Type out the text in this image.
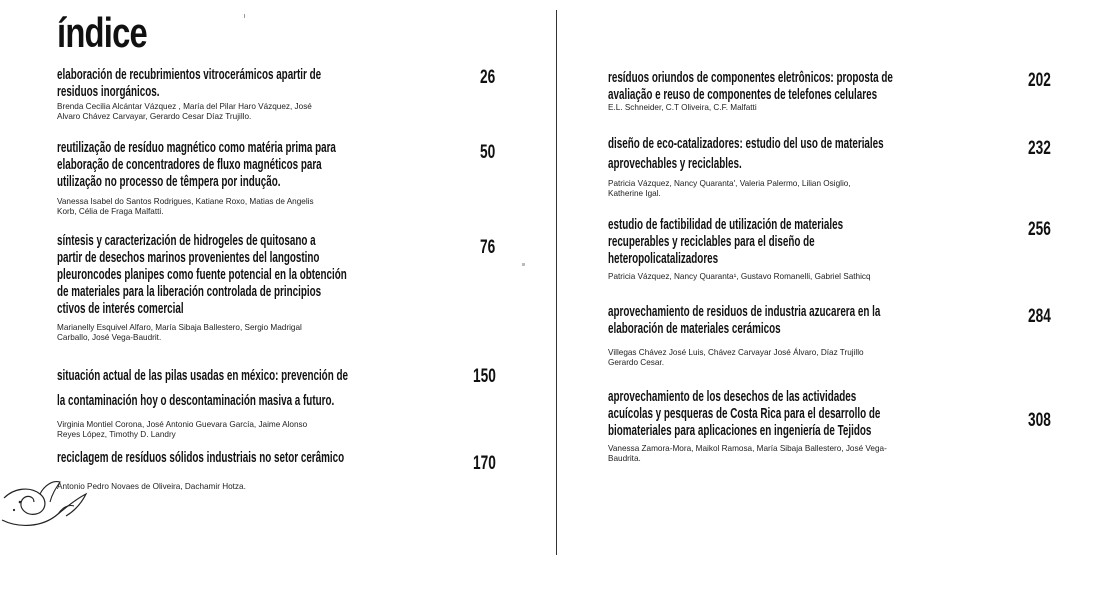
índice
elaboración de recubrimientos vitrocerámicos apartir de
residuos inorgánicos.
Brenda Cecilia Alcántar Vázquez , María del Pilar Haro Vázquez, José
Alvaro Chávez Carvayar, Gerardo Cesar Díaz Trujillo.
26
reutilização de resíduo magnético como matéria prima para
elaboração de concentradores de fluxo magnéticos para
utilização no processo de têmpera por indução.
Vanessa Isabel do Santos Rodrigues, Katiane Roxo, Matias de Angelis
Korb, Célia de Fraga Malfatti.
50
síntesis y caracterización de hidrogeles de quitosano a
partir de desechos marinos provenientes del langostino
pleuroncodes planipes como fuente potencial en la obtención
de materiales para la liberación controlada de principios
ctivos de interés comercial
Marianelly Esquivel Alfaro, María Sibaja Ballestero, Sergio Madrigal
Carballo, José Vega-Baudrit.
76
situación actual de las pilas usadas en méxico: prevención de
la contaminación hoy o descontaminación masiva a futuro.
Virginia Montiel Corona, José Antonio Guevara García, Jaime Alonso
Reyes López, Timothy D. Landry
150
reciclagem de resíduos sólidos industriais no setor cerâmico
Antonio Pedro Novaes de Oliveira, Dachamir Hotza.
170
resíduos oriundos de componentes eletrônicos: proposta de
avaliação e reuso de componentes de telefones celulares
E.L. Schneider, C.T Oliveira, C.F. Malfatti
202
diseño de eco-catalizadores: estudio del uso de materiales
aprovechables y reciclables.
Patricia Vázquez, Nancy Quaranta', Valeria Palermo, Lilian Osiglio,
Katherine Igal.
232
estudio de factibilidad de utilización de materiales
recuperables y reciclables para el diseño de
heteropolicatalizadores
Patricia Vázquez, Nancy Quaranta¹, Gustavo Romanelli, Gabriel Sathicq
256
aprovechamiento de residuos de industria azucarera en la
elaboración de materiales cerámicos
Villegas Chávez José Luis, Chávez Carvayar José Álvaro, Díaz Trujillo
Gerardo Cesar.
284
aprovechamiento de los desechos de las actividades
acuícolas y pesqueras de Costa Rica para el desarrollo de
biomateriales para aplicaciones en ingeniería de Tejidos
Vanessa Zamora-Mora, Maikol Ramosa, María Sibaja Ballestero, José Vega-
Baudrita.
308
